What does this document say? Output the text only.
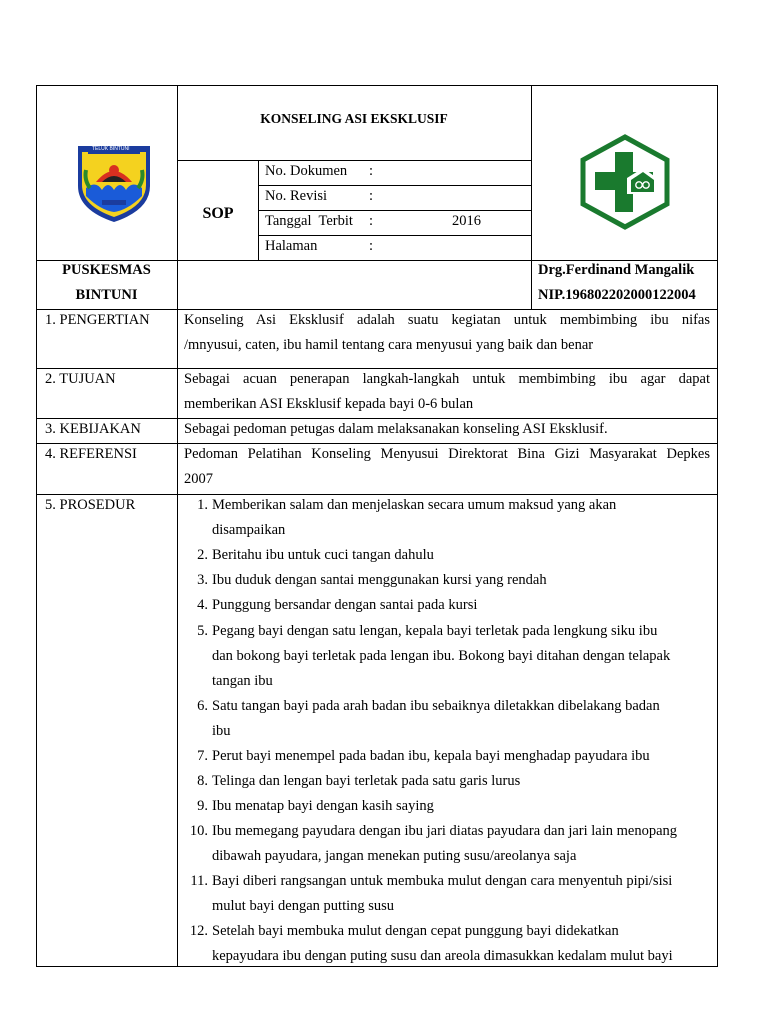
TELUK BINTUNI
KONSELING ASI EKSKLUSIF
SOP
No. Dokumen :
No. Revisi	:
Tanggal  Terbit :	2016
Halaman	:
PUSKESMAS
BINTUNI
Drg.Ferdinand Mangalik
NIP.196802202000122004
1. PENGERTIAN Konseling Asi Eksklusif adalah suatu kegiatan untuk membimbing ibu nifas
/mnyusui, caten, ibu hamil tentang cara menyusui yang baik dan benar
2. TUJUAN	Sebagai acuan penerapan langkah-langkah untuk membimbing ibu agar dapat
memberikan ASI Eksklusif kepada bayi 0-6 bulan
3. KEBIJAKAN	Sebagai pedoman petugas dalam melaksanakan konseling ASI Eksklusif.
4. REFERENSI	Pedoman Pelatihan Konseling Menyusui Direktorat Bina Gizi Masyarakat Depkes
2007
5. PROSEDUR	1. Memberikan salam dan menjelaskan secara umum maksud yang akan
disampaikan
2. Beritahu ibu untuk cuci tangan dahulu
3. Ibu duduk dengan santai menggunakan kursi yang rendah
4. Punggung bersandar dengan santai pada kursi
5. Pegang bayi dengan satu lengan, kepala bayi terletak pada lengkung siku ibu
dan bokong bayi terletak pada lengan ibu. Bokong bayi ditahan dengan telapak
tangan ibu
6. Satu tangan bayi pada arah badan ibu sebaiknya diletakkan dibelakang badan
ibu
7. Perut bayi menempel pada badan ibu, kepala bayi menghadap payudara ibu
8. Telinga dan lengan bayi terletak pada satu garis lurus
9. Ibu menatap bayi dengan kasih saying
10. Ibu memegang payudara dengan ibu jari diatas payudara dan jari lain menopang
dibawah payudara, jangan menekan puting susu/areolanya saja
11. Bayi diberi rangsangan untuk membuka mulut dengan cara menyentuh pipi/sisi
mulut bayi dengan putting susu
12. Setelah bayi membuka mulut dengan cepat punggung bayi didekatkan
kepayudara ibu dengan puting susu dan areola dimasukkan kedalam mulut bayi
